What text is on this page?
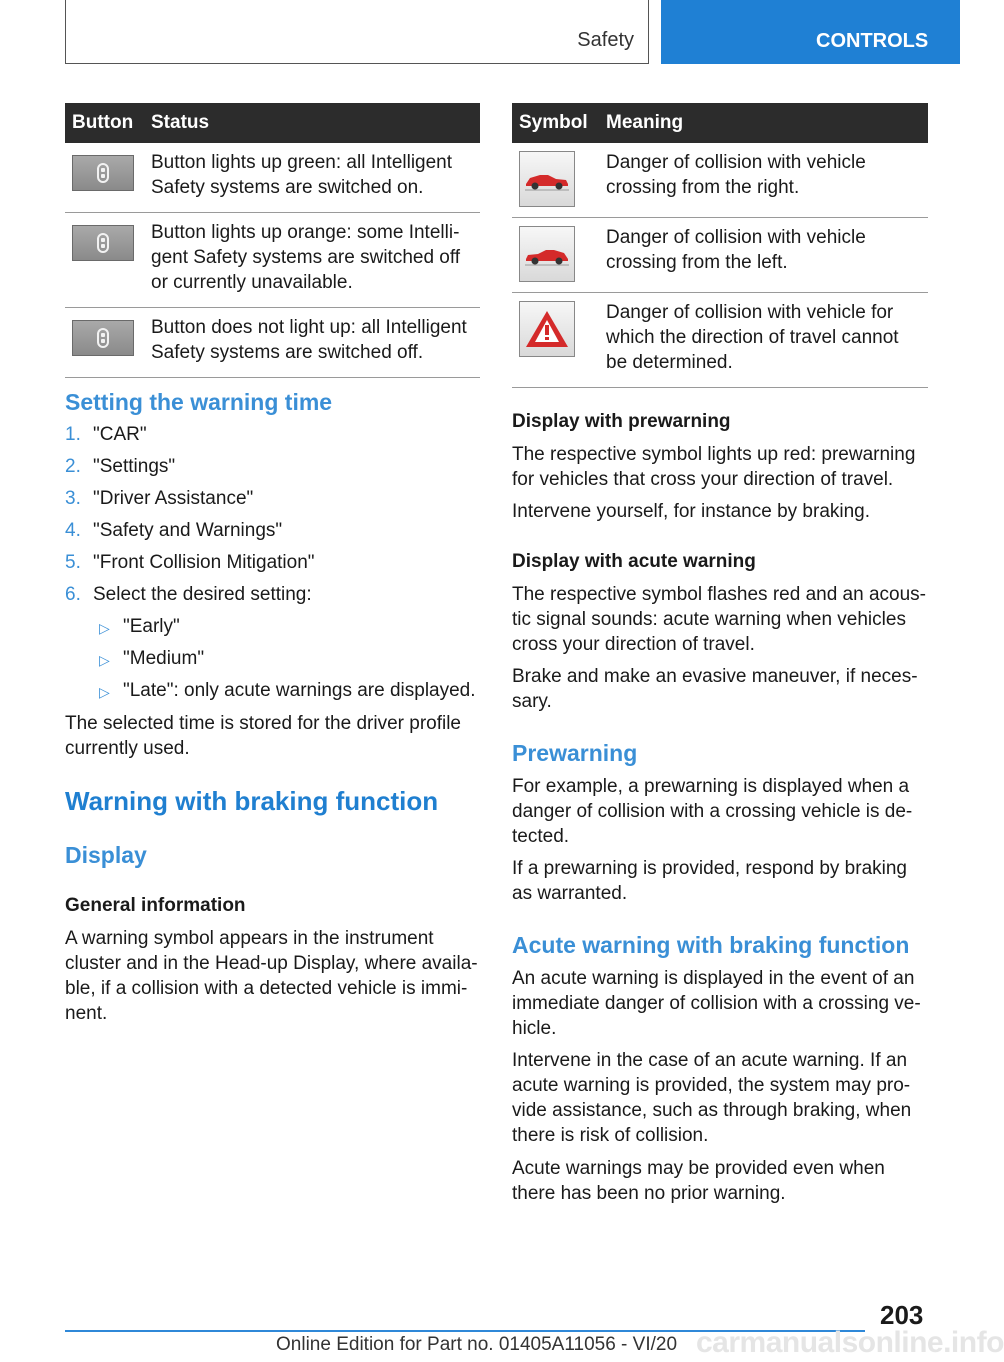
Safety	CONTROLS
Button	Status

	Button lights up green: all Intelligent Safety systems are switched on.

	Button lights up orange: some Intelli-gent Safety systems are switched off or currently unavailable.

	Button does not light up: all Intelligent Safety systems are switched off.
Setting the warning time
1. "CAR"
2. "Settings"
3. "Driver Assistance"
4. "Safety and Warnings"
5. "Front Collision Mitigation"
6. Select the desired setting:
▷ "Early"
▷ "Medium"
▷ "Late": only acute warnings are displayed.
The selected time is stored for the driver profile currently used.
Warning with braking function
Display
General information
A warning symbol appears in the instrument cluster and in the Head-up Display, where availa-ble, if a collision with a detected vehicle is immi-nent.
Symbol	Meaning

	Danger of collision with vehicle crossing from the right.

	Danger of collision with vehicle crossing from the left.

	Danger of collision with vehicle for which the direction of travel cannot be determined.
Display with prewarning
The respective symbol lights up red: prewarning for vehicles that cross your direction of travel.
Intervene yourself, for instance by braking.
Display with acute warning
The respective symbol flashes red and an acous-tic signal sounds: acute warning when vehicles cross your direction of travel.
Brake and make an evasive maneuver, if neces-sary.
Prewarning
For example, a prewarning is displayed when a danger of collision with a crossing vehicle is de-tected.
If a prewarning is provided, respond by braking as warranted.
Acute warning with braking function
An acute warning is displayed in the event of an immediate danger of collision with a crossing ve-hicle.
Intervene in the case of an acute warning. If an acute warning is provided, the system may pro-vide assistance, such as through braking, when there is risk of collision.
Acute warnings may be provided even when there has been no prior warning.
203
carmanualsonline.info
Online Edition for Part no. 01405A11056 - VI/20
